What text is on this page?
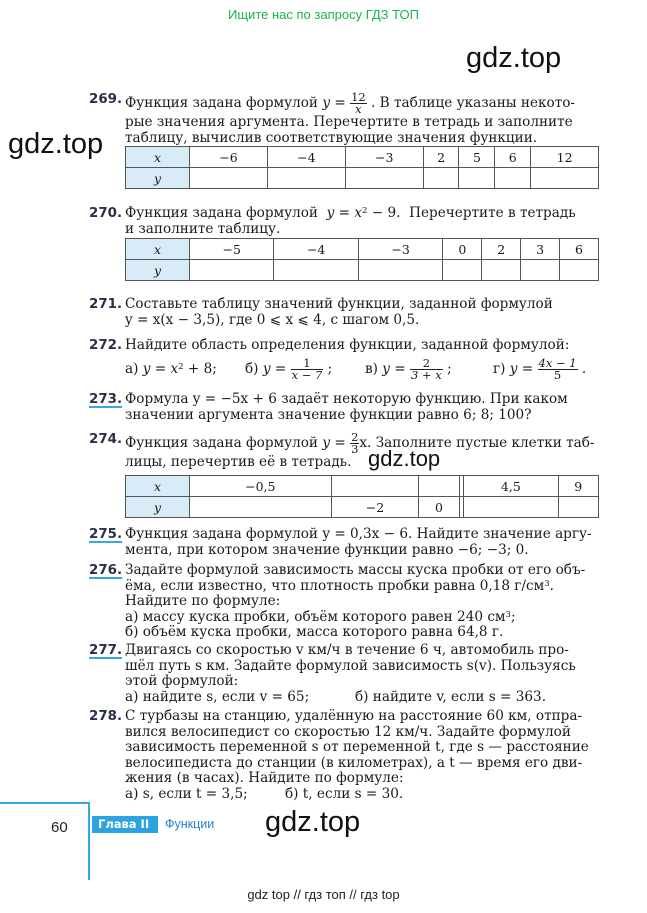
Ищите нас по запросу ГДЗ ТОП
gdz.top
gdz.top
gdz.top
gdz.top
269. Функция задана формулой $y = \frac{12}{x}$ . В таблице указаны некото-
рые значения аргумента. Перечертите в тетрадь и заполните
таблицу, вычислив соответствующие значения функции.
x	−6	−4	−3	2	5	6	12
y							
270. Функция задана формулой $y = x^2 - 9$. Перечертите в тетрадь
и заполните таблицу.
x	−5	−4	−3	0	2	3	6
y							
271. Составьте таблицу значений функции, заданной формулой
y = x(x − 3,5), где 0 ⩽ x ⩽ 4, с шагом 0,5.
272. Найдите область определения функции, заданной формулой:
а) $y = x^2 + 8$; б) $y = \frac{1}{x - 7}$ ; в) $y = \frac{2}{3 + x}$ ;	г) $y = \frac{4x - 1}{5}$ .
273. Формула y = −5x + 6 задаёт некоторую функцию. При каком
значении аргумента значение функции равно 6; 8; 100?
274. Функция задана формулой $y = \frac{2}{3} x$. Заполните пустые клетки таб-
лицы, перечертив её в тетрадь.
x	−0,5				4,5	9
y		−2	0			
275. Функция задана формулой y = 0,3x − 6. Найдите значение аргу-
мента, при котором значение функции равно −6; −3; 0.
276. Задайте формулой зависимость массы куска пробки от его объ-
ёма, если известно, что плотность пробки равна 0,18 $г/см^3$.
Найдите по формуле:
а) массу куска пробки, объём которого равен 240 $см^3$;
б) объём куска пробки, масса которого равна 64,8 г.
277. Двигаясь со скоростью v км/ч в течение 6 ч, автомобиль про-
шёл путь s км. Задайте формулой зависимость s(v). Пользуясь
этой формулой:
а) найдите s, если v = 65;	б) найдите v, если s = 363.
278. С турбазы на станцию, удалённую на расстояние 60 км, отпра-
вился велосипедист со скоростью 12 км/ч. Задайте формулой
зависимость переменной s от переменной t, где s — расстояние
велосипедиста до станции (в километрах), а t — время его дви-
жения (в часах). Найдите по формуле:
а) s, если t = 3,5;	б) t, если s = 30.
60	Глава II	Функции
gdz top // гдз топ // гдз top
